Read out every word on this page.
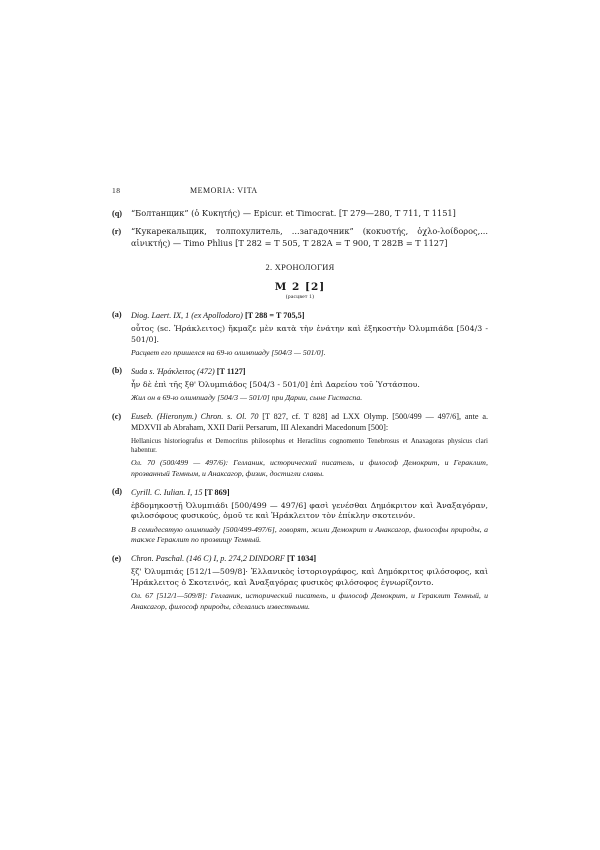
18	MEMORIA: VITA
(q)	“Болтанщик” (ὁ Κυκητής) — Epicur. et Timocrat. [T 279—280, T 711, T 1151]
(r)	“Кукарекальщик, толпохулитель, ...загадочник” (κοκυστής, ὀχλο-λοίδορος,... αἰνικτής) — Timo Phlius [T 282 = T 505, T 282A = T 900, T 282B = T 1127]
2. ХРОНОЛОГИЯ
M 2 [2]
(расцвет 1)
(a)	Diog. Laert. IX, 1 (ex Apollodoro) [T 288 = T 705,5]
οὗτος (sc. Ἡράκλειτος) ἤκμαζε μὲν κατὰ τὴν ἐνάτην καὶ ἑξηκοστὴν Ὀλυμπιάδα [504/3 - 501/0].
Расцвет его пришелся на 69-ю олимпиаду [504/3 — 501/0].
(b)	Suda s. Ἡράκλειτος (472) [T 1127]
ἦν δὲ ἐπὶ τῆς ξθ' Ὀλυμπιάδος [504/3 - 501/0] ἐπὶ Δαρείου τοῦ Ὑστάσπου.
Жил он в 69-ю олимпиаду [504/3 — 501/0] при Дарии, сыне Гистаспа.
(c)	Euseb. (Hieronym.) Chron. s. Ol. 70 [T 827, cf. T 828] ad LXX Olymp. [500/499 — 497/6], ante a. MDXVII ab Abraham, XXII Darii Persarum, III Alexandri Macedonum [500]:
Hellanicus historiografus et Democritus philosophus et Heraclitus cognomento Tenebrosus et Anaxagoras physicus clari habentur.
Ол. 70 (500/499 — 497/6): Гелланик, исторический писатель, и философ Демокрит, и Гераклит, прозванный Темным, и Анаксагор, физик, достигли славы.
(d)	Cyrill. C. Iulian. I, 15 [T 869]
ἑβδομηκοστῇ Ὀλυμπιάδι [500/499 — 497/6] φασὶ γενέσθαι Δημόκριτον καὶ Ἀναξαγόραν, φιλοσόφους φυσικούς, ὁμοῦ τε καὶ Ἡράκλειτον τὸν ἐπίκλην σκοτεινόν.
В семидесятую олимпиаду [500/499-497/6], говорят, жили Демокрит и Анаксагор, философы природы, а также Гераклит по прозвищу Темный.
(e)	Chron. Paschal. (146 C) I, p. 274,2 DINDORF [T 1034]
ξζ' Ὀλυμπιάς [512/1—509/8]· Ἑλλανικὸς ἱστοριογράφος, καὶ Δημόκριτος φιλόσοφος, καὶ Ἡράκλειτος ὁ Σκοτεινός, καὶ Ἀναξαγόρας φυσικὸς φιλόσοφος ἐγνωρίζοντο.
Ол. 67 [512/1—509/8]: Гелланик, исторический писатель, и философ Демокрит, и Гераклит Темный, и Анаксагор, философ природы, сделались известными.
